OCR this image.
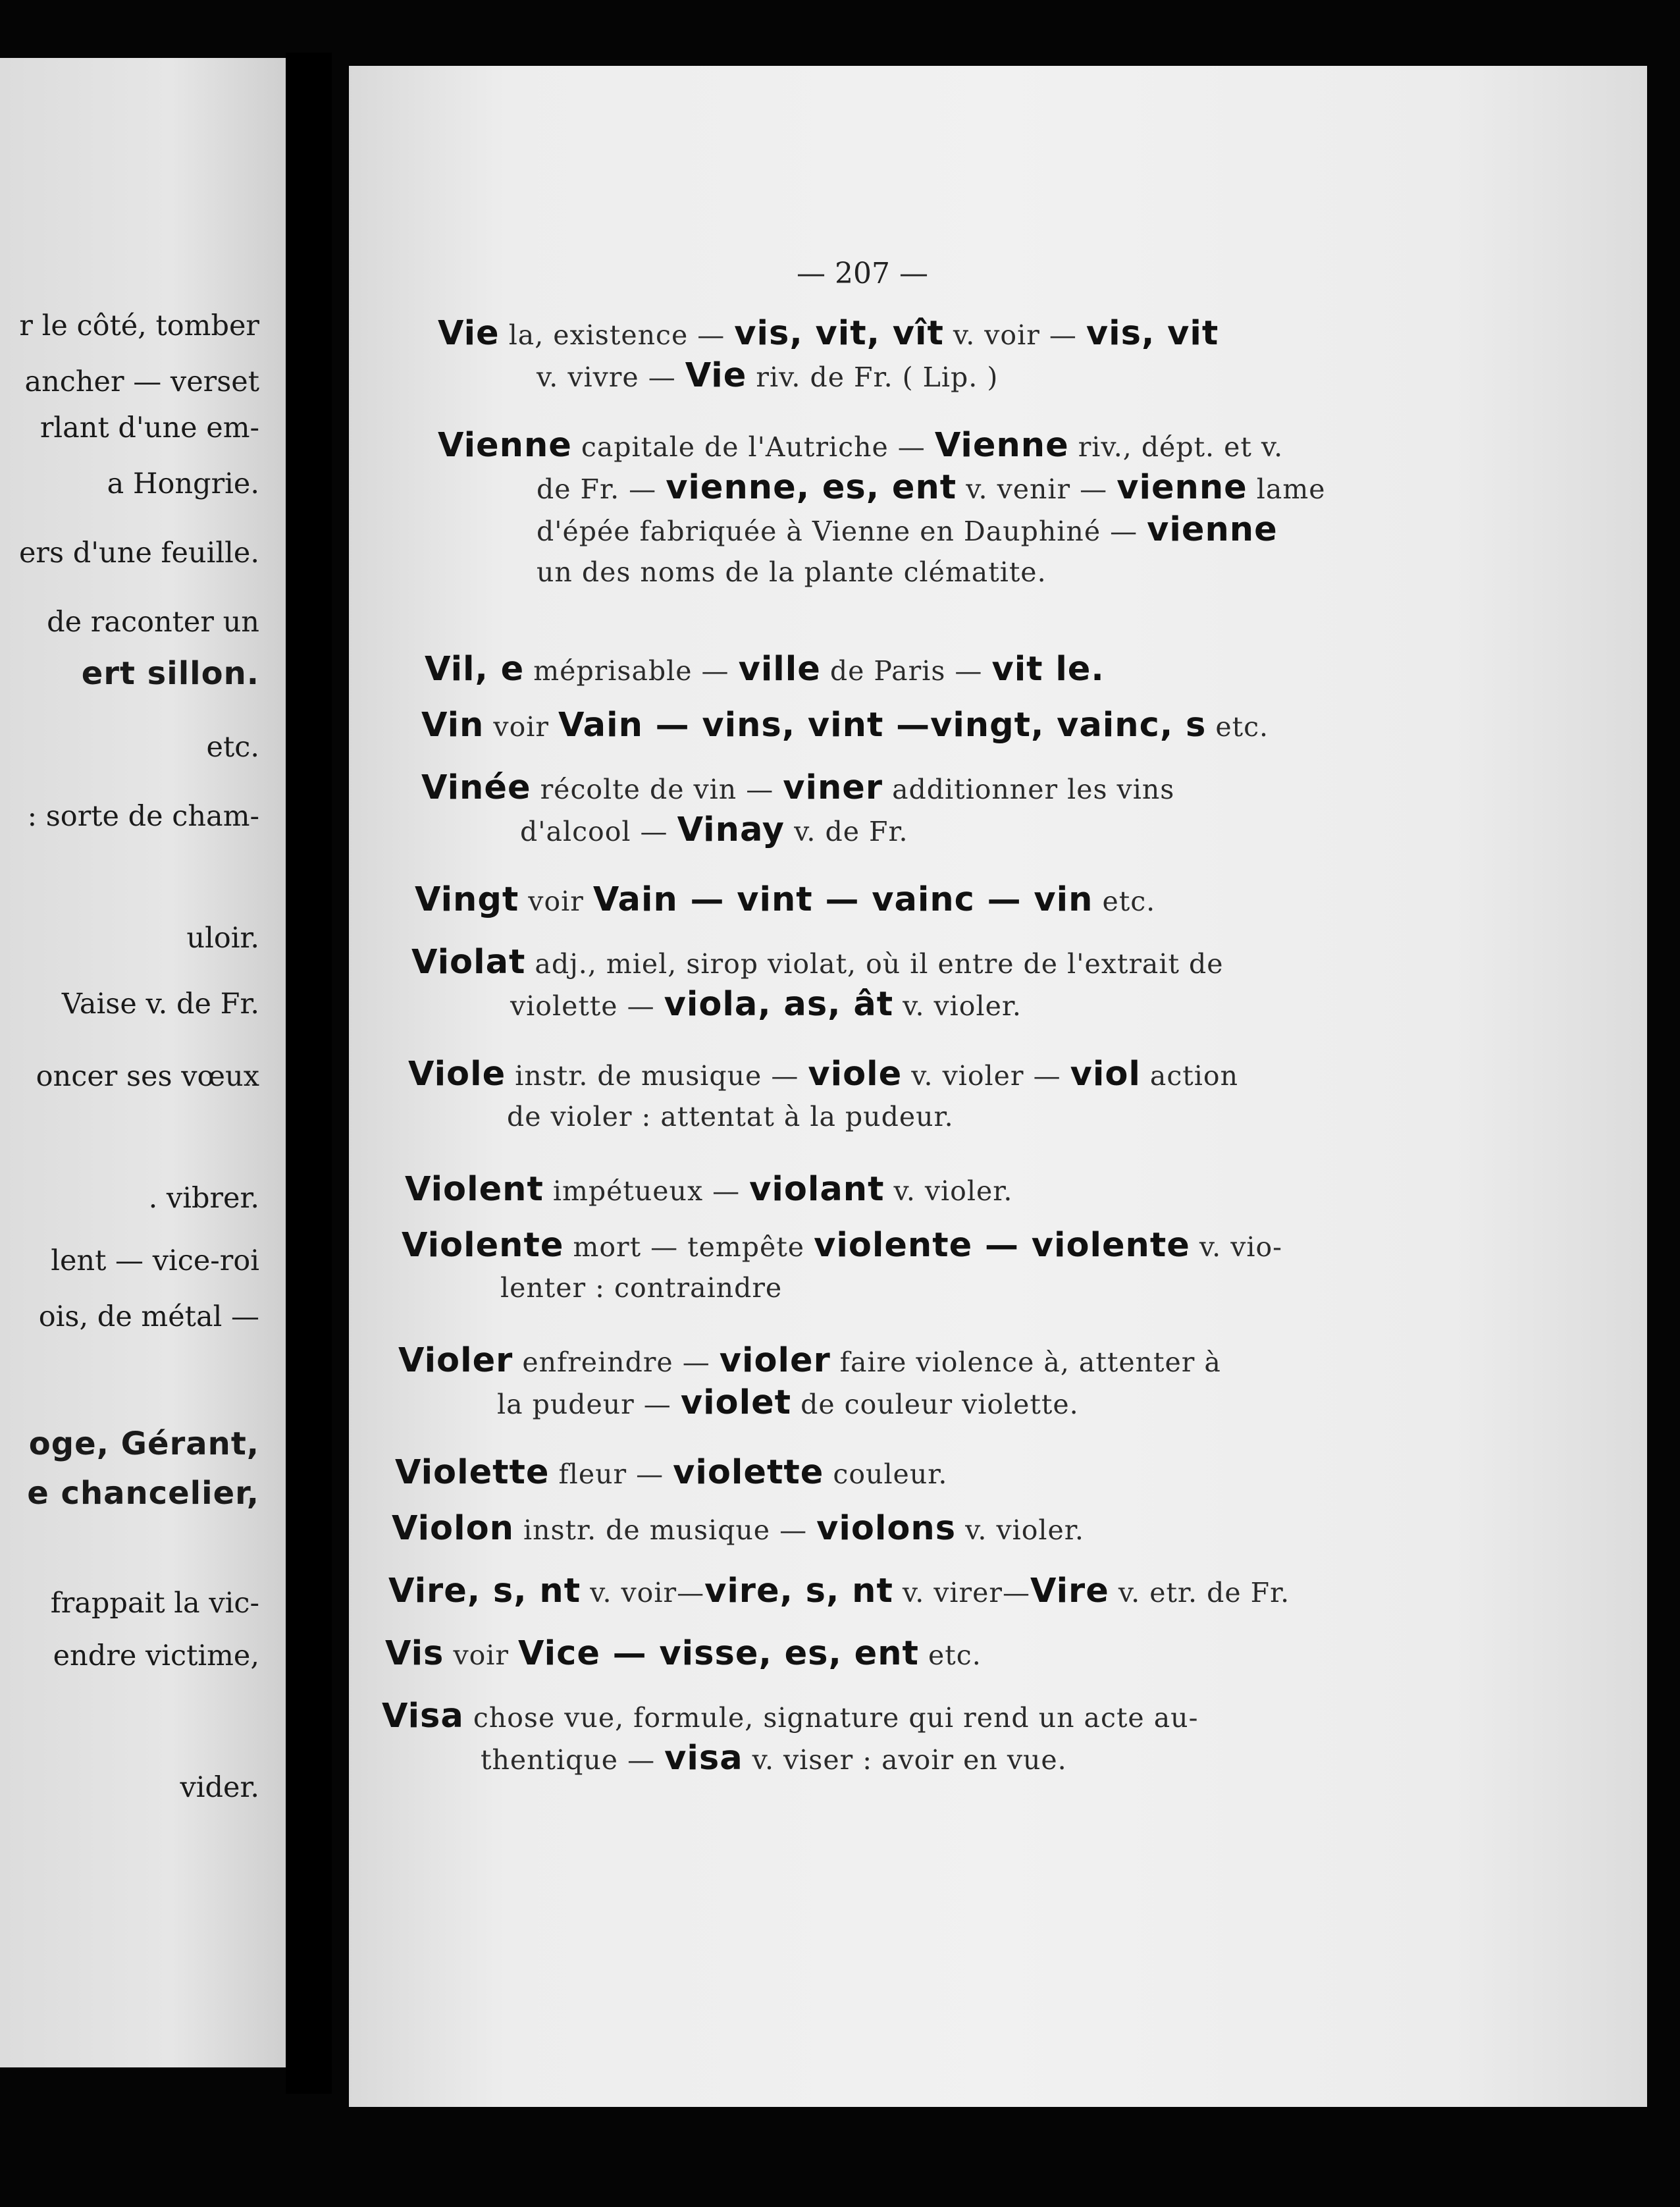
r le côté, tomber
ancher — verset
rlant d'une em-
a Hongrie.
ers d'une feuille.
de raconter un
ert sillon.
etc.
: sorte de cham-
uloir.
Vaise v. de Fr.
oncer ses vœux
. vibrer.
lent — vice-roi
ois, de métal —
oge, Gérant,
e chancelier,
frappait la vic-
endre victime,
vider.
— 207 —
Vie la, existence — vis, vit, vît v. voir — vis, vit
v. vivre — Vie riv. de Fr. ( Lip. )
Vienne capitale de l'Autriche — Vienne riv., dépt. et v.
de Fr. — vienne, es, ent v. venir — vienne lame
d'épée fabriquée à Vienne en Dauphiné — vienne
un des noms de la plante clématite.
Vil, e méprisable — ville de Paris — vit le.
Vin voir Vain — vins, vint —vingt, vainc, s etc.
Vinée récolte de vin — viner additionner les vins
d'alcool — Vinay v. de Fr.
Vingt voir Vain — vint — vainc — vin etc.
Violat adj., miel, sirop violat, où il entre de l'extrait de
violette — viola, as, ât v. violer.
Viole instr. de musique — viole v. violer — viol action
de violer : attentat à la pudeur.
Violent impétueux — violant v. violer.
Violente mort — tempête violente — violente v. vio-
lenter : contraindre
Violer enfreindre — violer faire violence à, attenter à
la pudeur — violet de couleur violette.
Violette fleur — violette couleur.
Violon instr. de musique — violons v. violer.
Vire, s, nt v. voir—vire, s, nt v. virer—Vire v. etr. de Fr.
Vis voir Vice — visse, es, ent etc.
Visa chose vue, formule, signature qui rend un acte au-
thentique — visa v. viser : avoir en vue.
